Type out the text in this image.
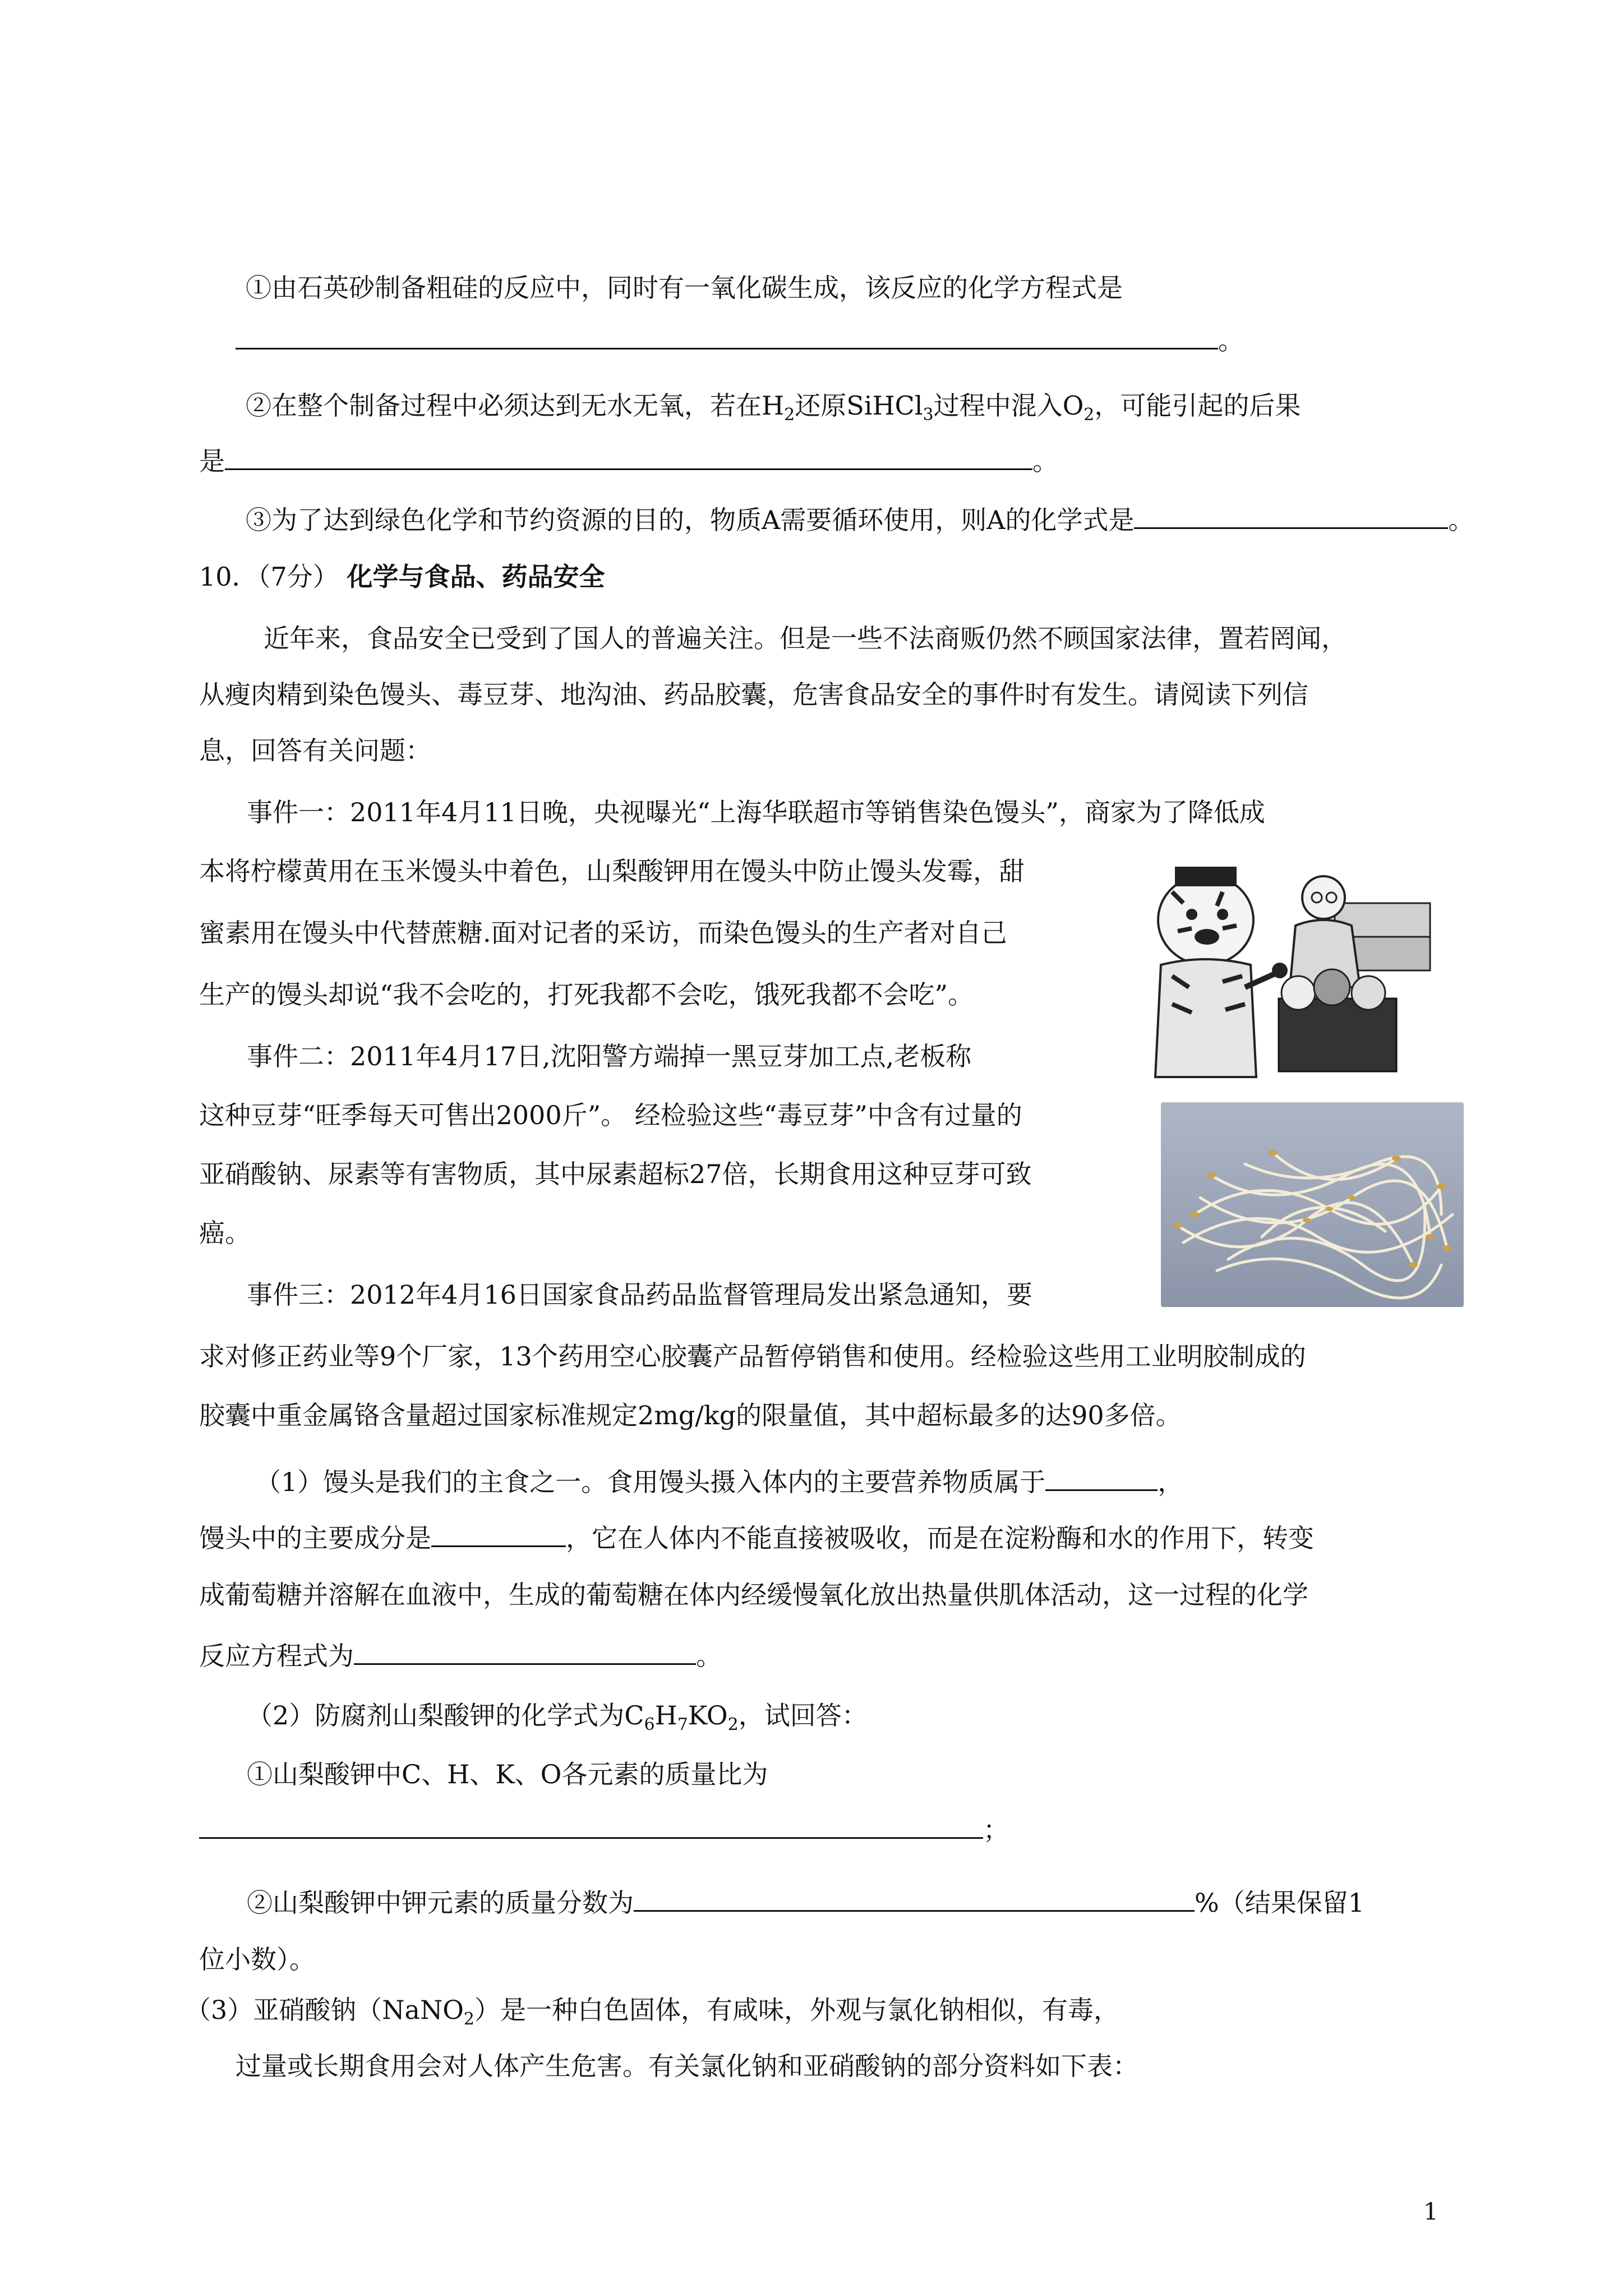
①由石英砂制备粗硅的反应中，同时有一氧化碳生成，该反应的化学方程式是
。
②在整个制备过程中必须达到无水无氧，若在$H_2$还原SiHCl$_3$过程中混入$O_2$，可能引起的后果
是	。
③为了达到绿色化学和节约资源的目的，物质A需要循环使用，则A的化学式是	。
10．（7分） 化学与食品、药品安全
近年来，食品安全已受到了国人的普遍关注。但是一些不法商贩仍然不顾国家法律，置若罔闻，
从瘦肉精到染色馒头、毒豆芽、地沟油、药品胶囊，危害食品安全的事件时有发生。请阅读下列信
息，回答有关问题：
事件一：2011年4月11日晚，央视曝光“上海华联超市等销售染色馒头”，商家为了降低成
本将柠檬黄用在玉米馒头中着色，山梨酸钾用在馒头中防止馒头发霉，甜
蜜素用在馒头中代替蔗糖.面对记者的采访，而染色馒头的生产者对自己
生产的馒头却说“我不会吃的，打死我都不会吃，饿死我都不会吃”。
事件二：2011年4月17日,沈阳警方端掉一黑豆芽加工点,老板称
这种豆芽“旺季每天可售出2000斤”。 经检验这些“毒豆芽”中含有过量的
亚硝酸钠、尿素等有害物质，其中尿素超标27倍，长期食用这种豆芽可致
癌。
事件三：2012年4月16日国家食品药品监督管理局发出紧急通知，要
求对修正药业等9个厂家，13个药用空心胶囊产品暂停销售和使用。经检验这些用工业明胶制成的
胶囊中重金属铬含量超过国家标准规定2mg/kg的限量值，其中超标最多的达90多倍。
（1）馒头是我们的主食之一。食用馒头摄入体内的主要营养物质属于	，
馒头中的主要成分是	，它在人体内不能直接被吸收，而是在淀粉酶和水的作用下，转变
成葡萄糖并溶解在血液中，生成的葡萄糖在体内经缓慢氧化放出热量供肌体活动，这一过程的化学
反应方程式为	。
（2）防腐剂山梨酸钾的化学式为$C_6H_7KO_2$，试回答：
①山梨酸钾中C、H、K、O各元素的质量比为
；
②山梨酸钾中钾元素的质量分数为	%（结果保留1
位小数）。
（3）亚硝酸钠（NaNO$_2$）是一种白色固体，有咸味，外观与氯化钠相似，有毒，
过量或长期食用会对人体产生危害。有关氯化钠和亚硝酸钠的部分资料如下表：
1
